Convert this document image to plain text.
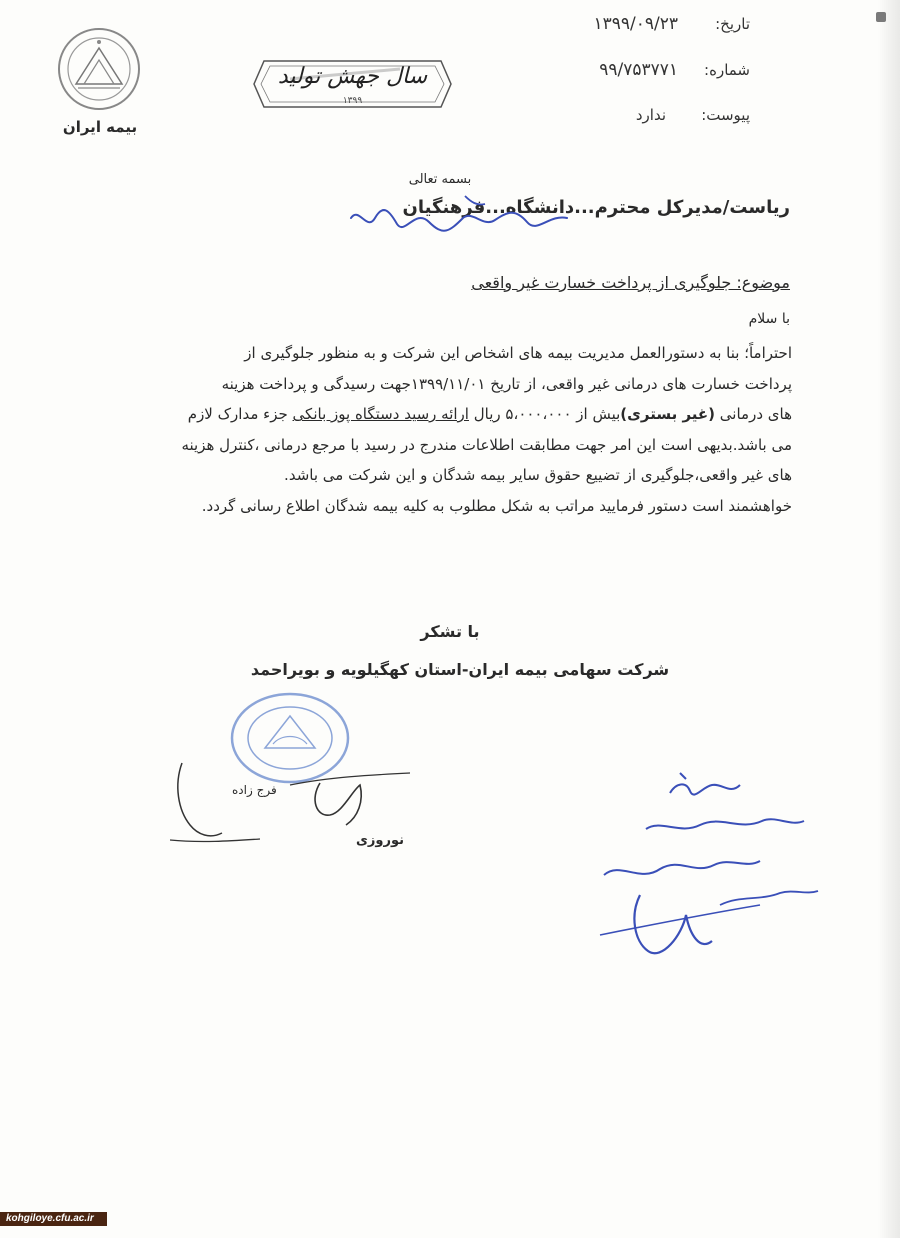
تاریخ:۱۳۹۹/۰۹/۲۳
شماره:۹۹/۷۵۳۷۷۱
پیوست:ندارد
بیمه ایران
سال جهش تولید
۱۳۹۹
بسمه تعالی
ریاست/مدیرکل محترم...دانشگاه...فرهنگیان
موضوع: جلوگیری از پرداخت خسارت غیر واقعی
با سلام
احتراماً؛ بنا به دستورالعمل مدیریت بیمه های اشخاص این شرکت و به منظور جلوگیری از
پرداخت خسارت های درمانی غیر واقعی، از تاریخ ۱۳۹۹/۱۱/۰۱جهت رسیدگی و پرداخت هزینه
های درمانی (غیر بستری)بیش از ۵،۰۰۰،۰۰۰ ریال ارائه رسید دستگاه پوز بانکی جزء مدارک لازم
می باشد.بدیهی است این امر جهت مطابقت اطلاعات مندرج در رسید با مرجع درمانی ،کنترل هزینه
های غیر واقعی،جلوگیری از تضییع حقوق سایر بیمه شدگان و این شرکت می باشد.
خواهشمند است دستور فرمایید مراتب به شکل مطلوب به کلیه بیمه شدگان اطلاع رسانی گردد.
با تشکر
شرکت سهامی بیمه ایران-استان کهگیلویه و بویراحمد
فرج زاده
نوروزی
kohgiloye.cfu.ac.ir
